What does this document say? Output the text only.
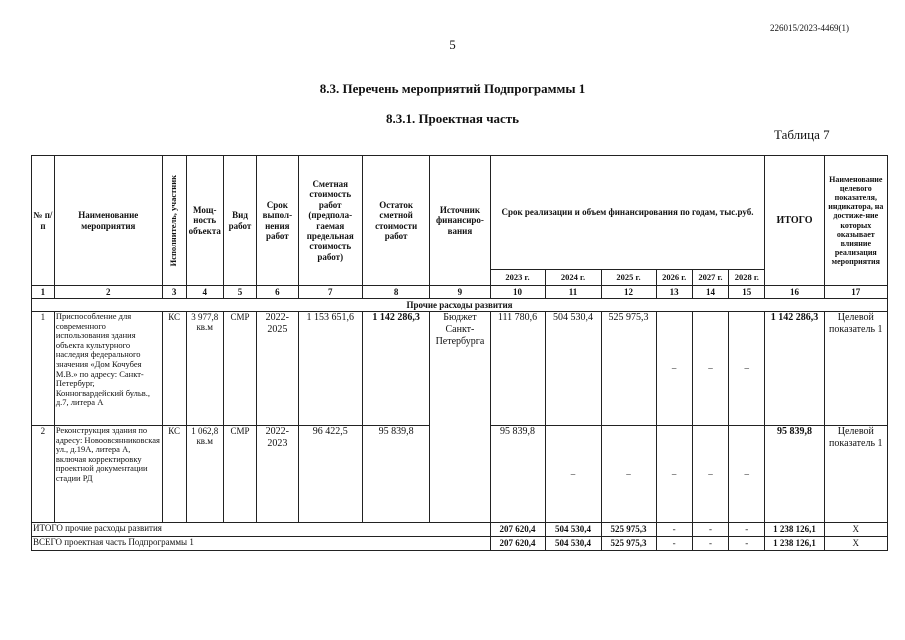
226015/2023-4469(1)
5
8.3. Перечень мероприятий Подпрограммы 1
8.3.1. Проектная часть
Таблица 7
№ п/п	Наименование мероприятия	Исполнитель, участник	Мощ-ность объекта	Вид работ	Срок выпол-нения работ	Сметная стоимость работ (предпола-гаемая предельная стоимость работ)	Остаток сметной стоимости работ	Источник финансиро-вания	Срок реализации и объем финансирования по годам, тыс.руб.						ИТОГО	Наименование целевого показателя, индикатора, на достиже-ние которых оказывает влияние реализация мероприятия
									2023 г.	2024 г.	2025 г.	2026 г.	2027 г.	2028 г.		
1	2	3	4	5	6	7	8	9	10	11	12	13	14	15	16	17
Прочие расходы развития																
1	Приспособление для современного использования здания объекта культурного наследия федерального значения «Дом Кочубея М.В.» по адресу: Санкт-Петербург, Конногвардейский бульв., д.7, литера А	КС	3 977,8 кв.м	СМР	2022-2025	1 153 651,6	1 142 286,3	Бюджет Санкт-Петербурга	111 780,6	504 530,4	525 975,3	–	–	–	1 142 286,3	Целевой показатель 1
2	Реконструкция здания по адресу: Новоовсянниковская ул., д.19А, литера А, включая корректировку проектной документации стадии РД	КС	1 062,8 кв.м	СМР	2022-2023	96 422,5	95 839,8		95 839,8	–	–	–	–	–	95 839,8	Целевой показатель 1
ИТОГО прочие расходы развития									207 620,4	504 530,4	525 975,3	-	-	-	1 238 126,1	Х
ВСЕГО проектная часть Подпрограммы 1									207 620,4	504 530,4	525 975,3	-	-	-	1 238 126,1	Х
